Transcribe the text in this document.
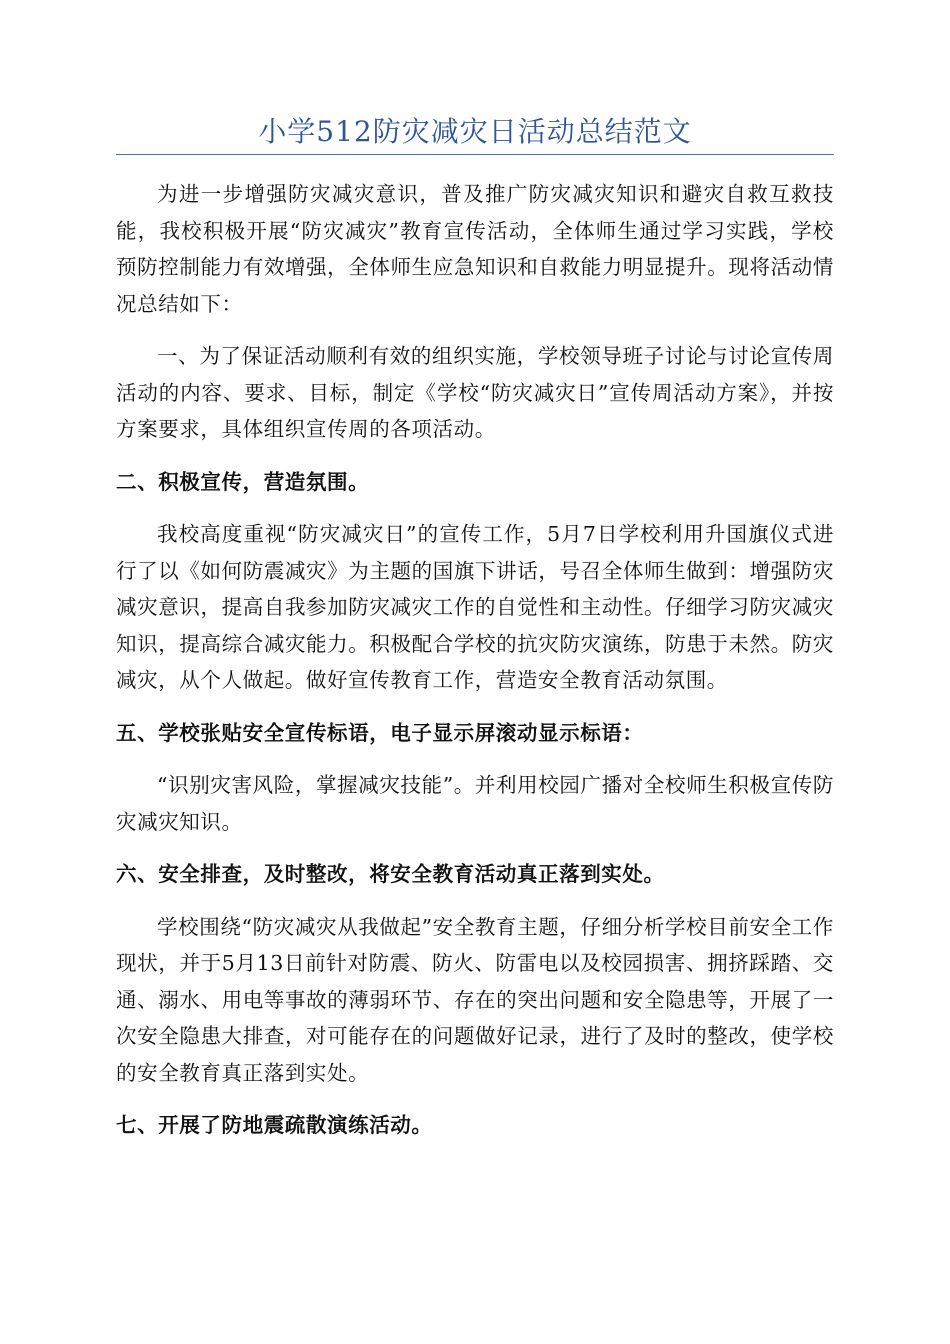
小学512防灾减灾日活动总结范文

为进一步增强防灾减灾意识，普及推广防灾减灾知识和避灾自救互救技能，我校积极开展“防灾减灾”教育宣传活动，全体师生通过学习实践，学校预防控制能力有效增强，全体师生应急知识和自救能力明显提升。现将活动情况总结如下：

一、为了保证活动顺利有效的组织实施，学校领导班子讨论与讨论宣传周活动的内容、要求、目标，制定《学校“防灾减灾日”宣传周活动方案》，并按方案要求，具体组织宣传周的各项活动。

二、积极宣传，营造氛围。

我校高度重视“防灾减灾日”的宣传工作，5月7日学校利用升国旗仪式进行了以《如何防震减灾》为主题的国旗下讲话，号召全体师生做到：增强防灾减灾意识，提高自我参加防灾减灾工作的自觉性和主动性。仔细学习防灾减灾知识，提高综合减灾能力。积极配合学校的抗灾防灾演练，防患于未然。防灾减灾，从个人做起。做好宣传教育工作，营造安全教育活动氛围。

五、学校张贴安全宣传标语，电子显示屏滚动显示标语：

“识别灾害风险，掌握减灾技能”。并利用校园广播对全校师生积极宣传防灾减灾知识。

六、安全排查，及时整改，将安全教育活动真正落到实处。

学校围绕“防灾减灾从我做起”安全教育主题，仔细分析学校目前安全工作现状，并于5月13日前针对防震、防火、防雷电以及校园损害、拥挤踩踏、交通、溺水、用电等事故的薄弱环节、存在的突出问题和安全隐患等，开展了一次安全隐患大排查，对可能存在的问题做好记录，进行了及时的整改，使学校的安全教育真正落到实处。

七、开展了防地震疏散演练活动。
